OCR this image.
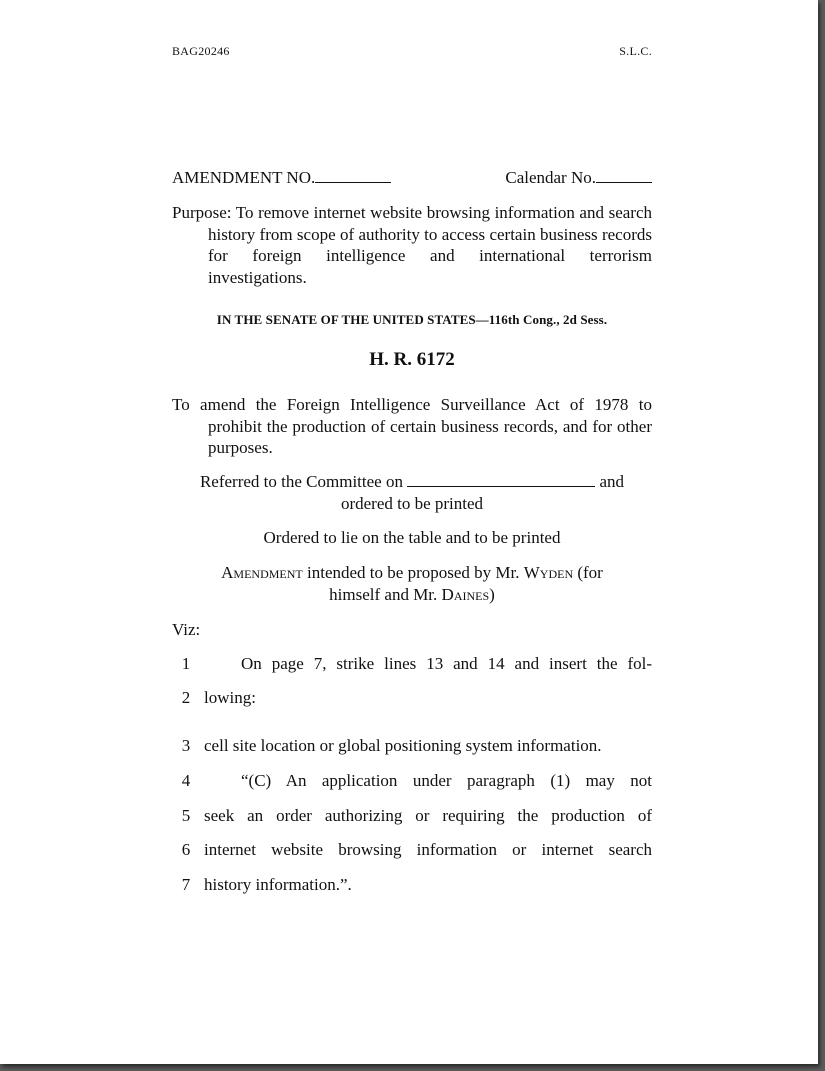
BAG20246	S.L.C.
AMENDMENT NO.	Calendar No.
Purpose: To remove internet website browsing information and search history from scope of authority to access certain business records for foreign intelligence and international terrorism investigations.
IN THE SENATE OF THE UNITED STATES—116th Cong., 2d Sess.
H. R. 6172
To amend the Foreign Intelligence Surveillance Act of 1978 to prohibit the production of certain business records, and for other purposes.
Referred to the Committee on	and
ordered to be printed
Ordered to lie on the table and to be printed
Amendment intended to be proposed by Mr. Wyden (for
himself and Mr. Daines)
Viz:
1	On page 7, strike lines 13 and 14 and insert the fol-
2 lowing:
3 cell site location or global positioning system information.
4	“(C) An application under paragraph (1) may not
5 seek an order authorizing or requiring the production of
6 internet website browsing information or internet search
7 history information.”.
